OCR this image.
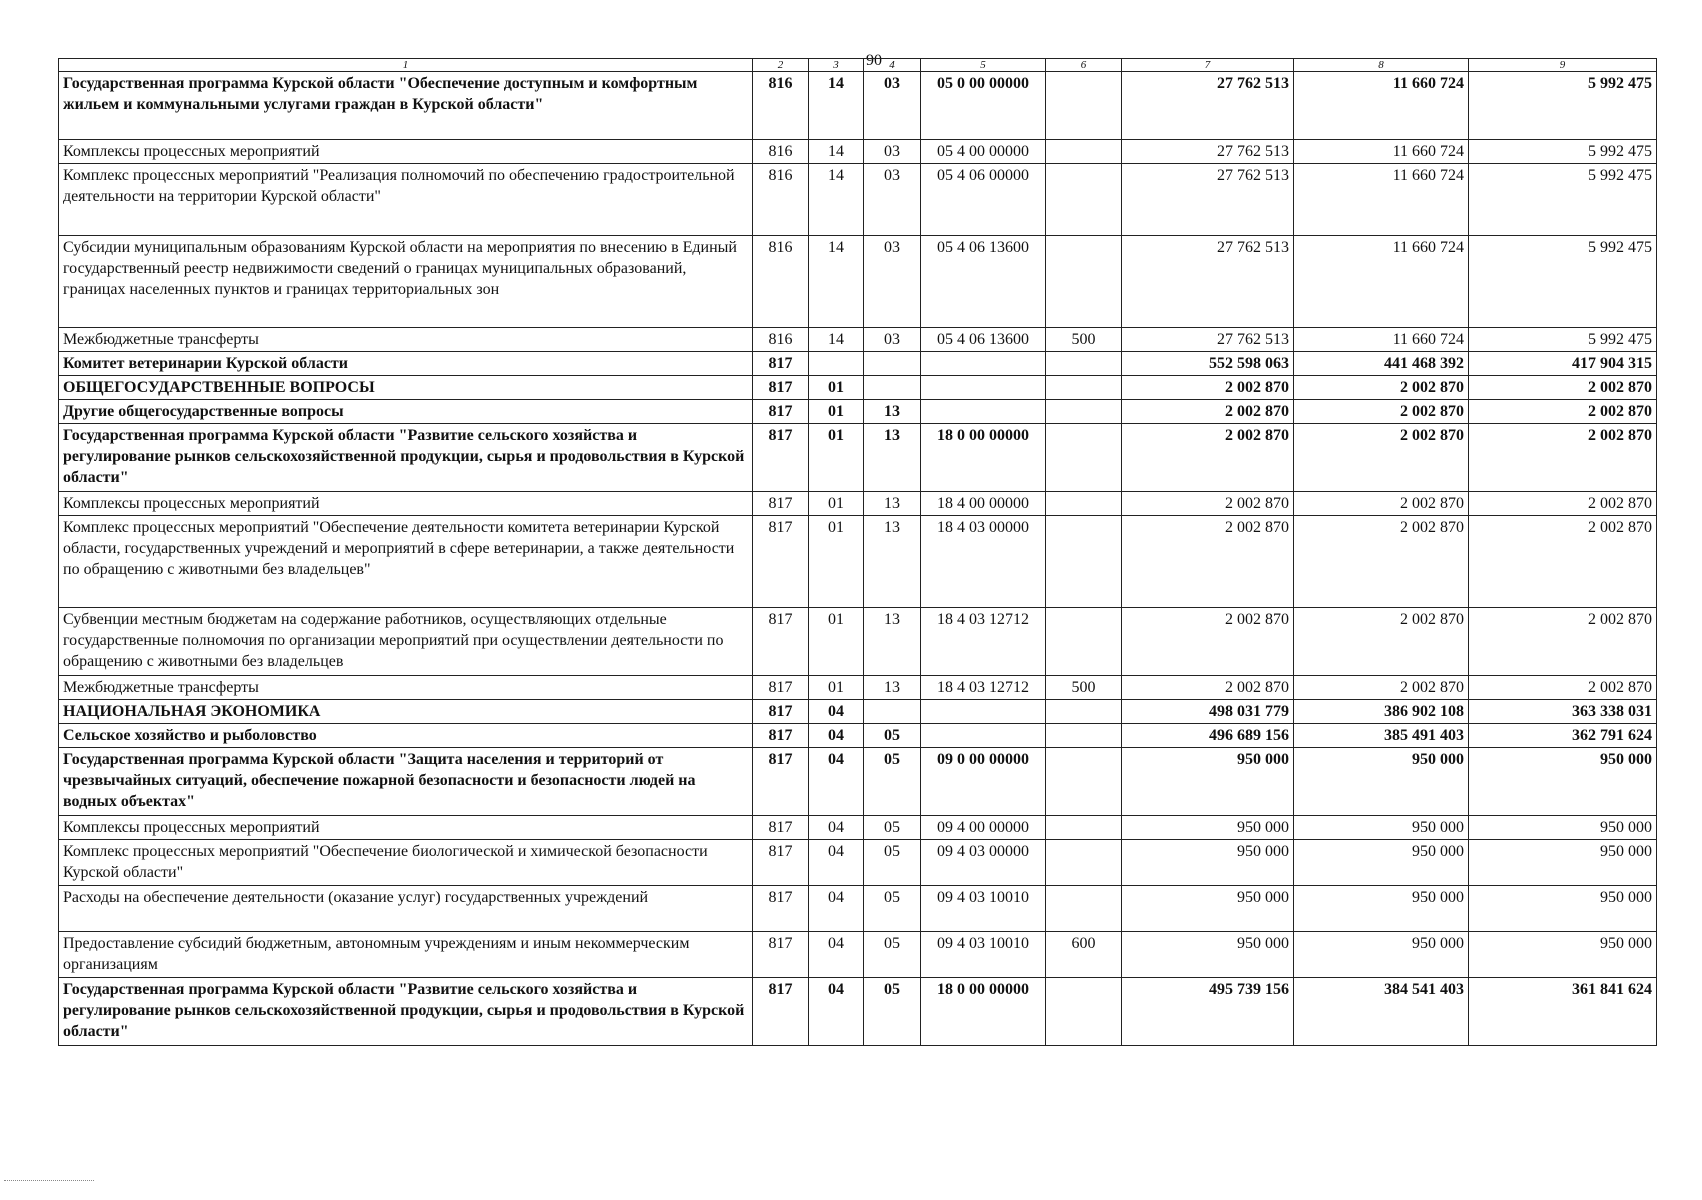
90
1	2	3	4	5	6	7	8	9
Государственная программа Курской области "Обеспечение доступным и комфортным жильем и коммунальными услугами граждан в Курской области"	816	14	03	05 0 00 00000		27 762 513	11 660 724	5 992 475
Комплексы процессных мероприятий	816	14	03	05 4 00 00000		27 762 513	11 660 724	5 992 475
Комплекс процессных мероприятий "Реализация полномочий по обеспечению градостроительной деятельности на территории Курской области"	816	14	03	05 4 06 00000		27 762 513	11 660 724	5 992 475
Субсидии муниципальным образованиям Курской области на мероприятия по внесению в Единый государственный реестр недвижимости сведений о границах муниципальных образований, границах населенных пунктов и границах территориальных зон	816	14	03	05 4 06 13600		27 762 513	11 660 724	5 992 475
Межбюджетные трансферты	816	14	03	05 4 06 13600	500	27 762 513	11 660 724	5 992 475
Комитет ветеринарии Курской области	817					552 598 063	441 468 392	417 904 315
ОБЩЕГОСУДАРСТВЕННЫЕ ВОПРОСЫ	817	01				2 002 870	2 002 870	2 002 870
Другие общегосударственные вопросы	817	01	13			2 002 870	2 002 870	2 002 870
Государственная программа Курской области "Развитие сельского хозяйства и регулирование рынков сельскохозяйственной продукции, сырья и продовольствия в Курской области"	817	01	13	18 0 00 00000		2 002 870	2 002 870	2 002 870
Комплексы процессных мероприятий	817	01	13	18 4 00 00000		2 002 870	2 002 870	2 002 870
Комплекс процессных мероприятий "Обеспечение деятельности комитета ветеринарии Курской области, государственных учреждений и мероприятий в сфере ветеринарии, а также деятельности по обращению с животными без владельцев"	817	01	13	18 4 03 00000		2 002 870	2 002 870	2 002 870
Субвенции местным бюджетам на содержание работников, осуществляющих отдельные государственные полномочия по организации мероприятий при осуществлении деятельности по обращению с животными без владельцев	817	01	13	18 4 03 12712		2 002 870	2 002 870	2 002 870
Межбюджетные трансферты	817	01	13	18 4 03 12712	500	2 002 870	2 002 870	2 002 870
НАЦИОНАЛЬНАЯ ЭКОНОМИКА	817	04				498 031 779	386 902 108	363 338 031
Сельское хозяйство и рыболовство	817	04	05			496 689 156	385 491 403	362 791 624
Государственная программа Курской области "Защита населения и территорий от чрезвычайных ситуаций, обеспечение пожарной безопасности и безопасности людей на водных объектах"	817	04	05	09 0 00 00000		950 000	950 000	950 000
Комплексы процессных мероприятий	817	04	05	09 4 00 00000		950 000	950 000	950 000
Комплекс процессных мероприятий "Обеспечение биологической и химической безопасности Курской области"	817	04	05	09 4 03 00000		950 000	950 000	950 000
Расходы на обеспечение деятельности (оказание услуг) государственных учреждений	817	04	05	09 4 03 10010		950 000	950 000	950 000
Предоставление субсидий бюджетным, автономным учреждениям и иным некоммерческим организациям	817	04	05	09 4 03 10010	600	950 000	950 000	950 000
Государственная программа Курской области "Развитие сельского хозяйства и регулирование рынков сельскохозяйственной продукции, сырья и продовольствия в Курской области"	817	04	05	18 0 00 00000		495 739 156	384 541 403	361 841 624
